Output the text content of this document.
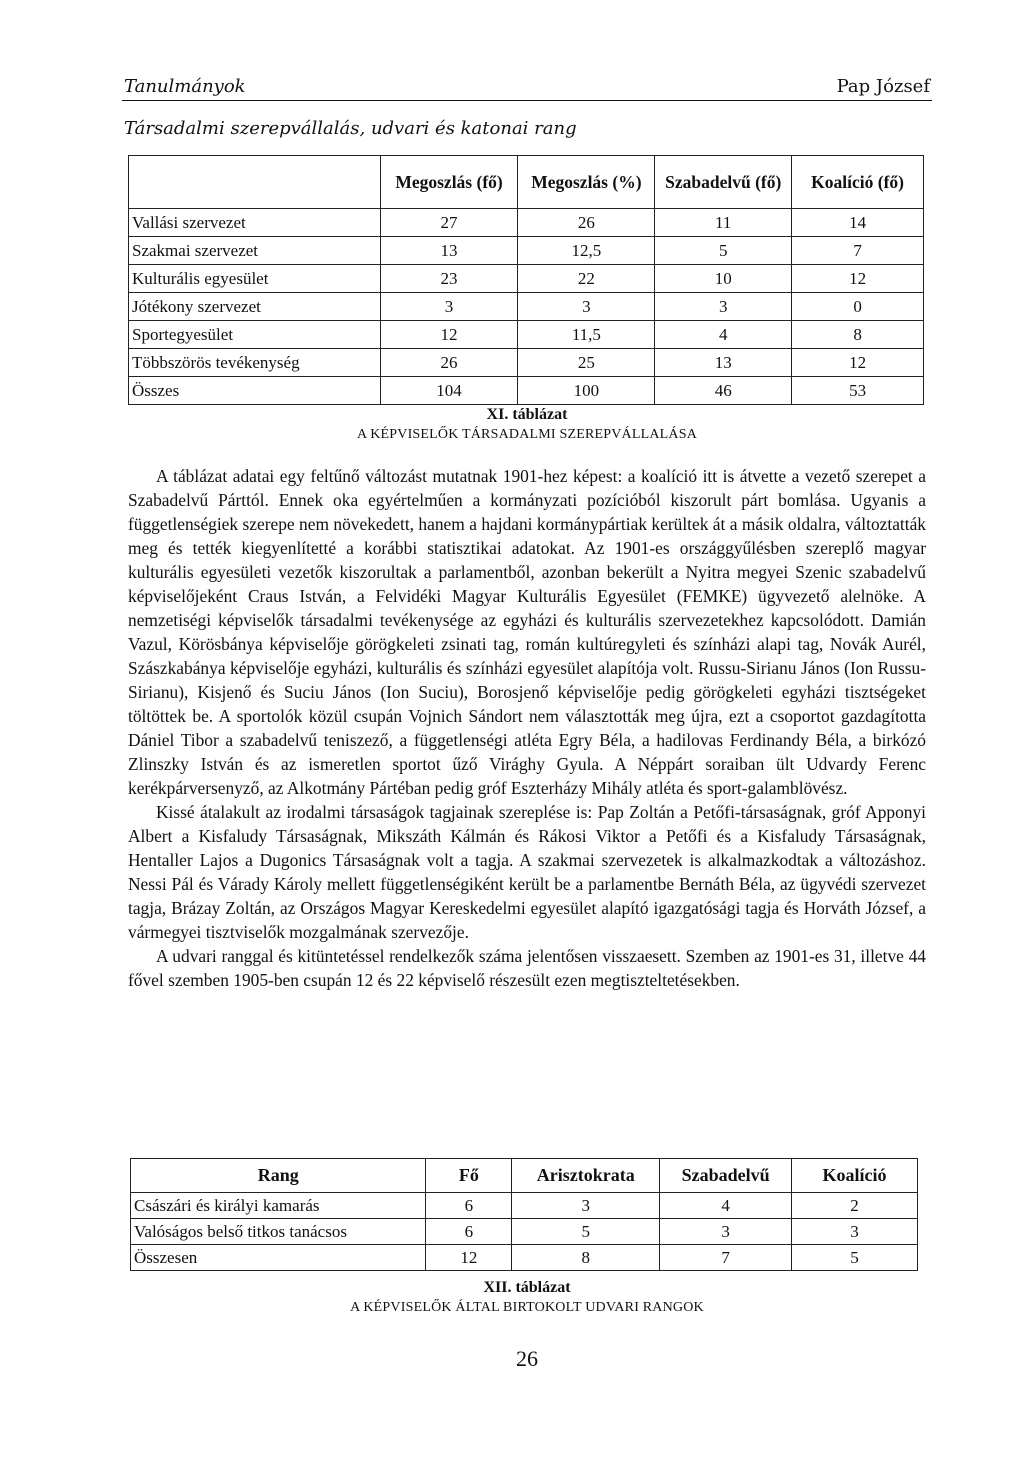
Tanulmányok	Pap József
Társadalmi szerepvállalás, udvari és katonai rang
	Megoszlás (fő)	Megoszlás (%)	Szabadelvű (fő)	Koalíció (fő)
Vallási szervezet	27	26	11	14
Szakmai szervezet	13	12,5	5	7
Kulturális egyesület	23	22	10	12
Jótékony szervezet	3	3	3	0
Sportegyesület	12	11,5	4	8
Többszörös tevékenység	26	25	13	12
Összes	104	100	46	53
XI. táblázat
A KÉPVISELŐK TÁRSADALMI SZEREPVÁLLALÁSA

A táblázat adatai egy feltűnő változást mutatnak 1901-hez képest: a koalíció itt is átvette a vezető szerepet a Szabadelvű Párttól. Ennek oka egyértelműen a kormányzati pozícióból kiszorult párt bomlása. Ugyanis a függetlenségiek szerepe nem növekedett, hanem a hajdani kormánypártiak kerültek át a másik oldalra, változtatták meg és tették kiegyenlítetté a korábbi statisztikai adatokat. Az 1901-es országgyűlésben szereplő magyar kulturális egyesületi vezetők kiszorultak a parlamentből, azonban bekerült a Nyitra megyei Szenic szabadelvű képviselőjeként Craus István, a Felvidéki Magyar Kulturális Egyesület (FEMKE) ügyvezető alelnöke. A nemzetiségi képviselők társadalmi tevékenysége az egyházi és kulturális szervezetekhez kapcsolódott. Damián Vazul, Körösbánya képviselője görögkeleti zsinati tag, román kultúregyleti és színházi alapi tag, Novák Aurél, Szászkabánya képviselője egyházi, kulturális és színházi egyesület alapítója volt. Russu-Sirianu János (Ion Russu-Sirianu), Kisjenő és Suciu János (Ion Suciu), Borosjenő képviselője pedig görögkeleti egyházi tisztségeket töltöttek be. A sportolók közül csupán Vojnich Sándort nem választották meg újra, ezt a csoportot gazdagította Dániel Tibor a szabadelvű teniszező, a függetlenségi atléta Egry Béla, a hadilovas Ferdinandy Béla, a birkózó Zlinszky István és az ismeretlen sportot űző Virághy Gyula. A Néppárt soraiban ült Udvardy Ferenc kerékpárversenyző, az Alkotmány Pártéban pedig gróf Eszterházy Mihály atléta és sport-galamblövész.

Kissé átalakult az irodalmi társaságok tagjainak szereplése is: Pap Zoltán a Petőfi-társaságnak, gróf Apponyi Albert a Kisfaludy Társaságnak, Mikszáth Kálmán és Rákosi Viktor a Petőfi és a Kisfaludy Társaságnak, Hentaller Lajos a Dugonics Társaságnak volt a tagja. A szakmai szervezetek is alkalmazkodtak a változáshoz. Nessi Pál és Várady Károly mellett függetlenségiként került be a parlamentbe Bernáth Béla, az ügyvédi szervezet tagja, Brázay Zoltán, az Országos Magyar Kereskedelmi egyesület alapító igazgatósági tagja és Horváth József, a vármegyei tisztviselők mozgalmának szervezője.

A udvari ranggal és kitüntetéssel rendelkezők száma jelentősen visszaesett. Szemben az 1901-es 31, illetve 44 fővel szemben 1905-ben csupán 12 és 22 képviselő részesült ezen megtiszteltetésekben.

Rang	Fő	Arisztokrata	Szabadelvű	Koalíció
Császári és királyi kamarás	6	3	4	2
Valóságos belső titkos tanácsos	6	5	3	3
Összesen	12	8	7	5
XII. táblázat
A KÉPVISELŐK ÁLTAL BIRTOKOLT UDVARI RANGOK
26
